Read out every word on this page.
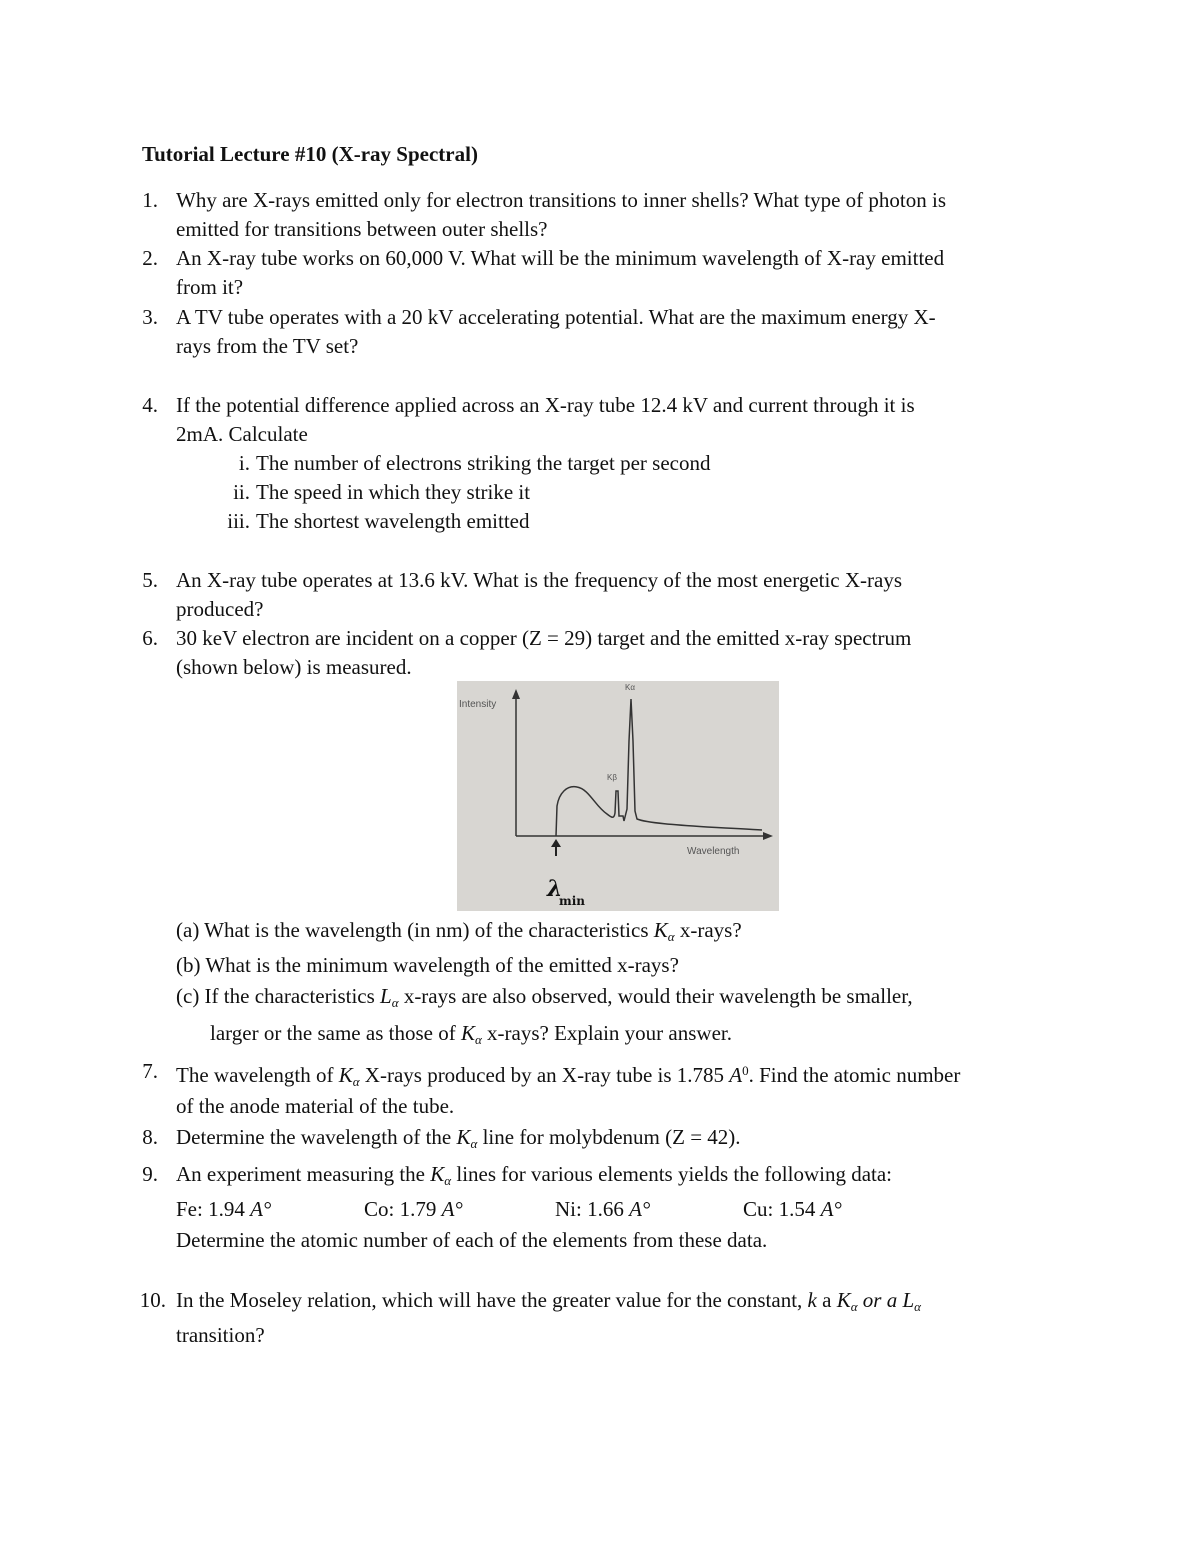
Tutorial Lecture #10 (X-ray Spectral)
1. Why are X-rays emitted only for electron transitions to inner shells? What type of photon is
emitted for transitions between outer shells?
2. An X-ray tube works on 60,000 V. What will be the minimum wavelength of X-ray emitted
from it?
3. A TV tube operates with a 20 kV accelerating potential. What are the maximum energy X-
rays from the TV set?
4. If the potential difference applied across an X-ray tube 12.4 kV and current through it is
2mA. Calculate
i. The number of electrons striking the target per second
ii. The speed in which they strike it
iii. The shortest wavelength emitted
5. An X-ray tube operates at 13.6 kV. What is the frequency of the most energetic X-rays
produced?
6. 30 keV electron are incident on a copper (Z = 29) target and the emitted x-ray spectrum
(shown below) is measured.
Intensity
Wavelength
Kα
Kβ
λ
min
(a) What is the wavelength (in nm) of the characteristics $K_\alpha$ x-rays?
(b) What is the minimum wavelength of the emitted x-rays?
(c) If the characteristics $L_\alpha$ x-rays are also observed, would their wavelength be smaller,
larger or the same as those of $K_\alpha$ x-rays? Explain your answer.
7. The wavelength of $K_\alpha$ X-rays produced by an X-ray tube is 1.785 $A^0$. Find the atomic number
of the anode material of the tube.
8. Determine the wavelength of the $K_\alpha$ line for molybdenum (Z = 42).
9. An experiment measuring the $K_\alpha$ lines for various elements yields the following data:
Fe: 1.94 A°	Co: 1.79 A°	Ni: 1.66 A°	Cu: 1.54 A°
Determine the atomic number of each of the elements from these data.
10. In the Moseley relation, which will have the greater value for the constant, k a $K_\alpha$ or a $L_\alpha$
transition?
